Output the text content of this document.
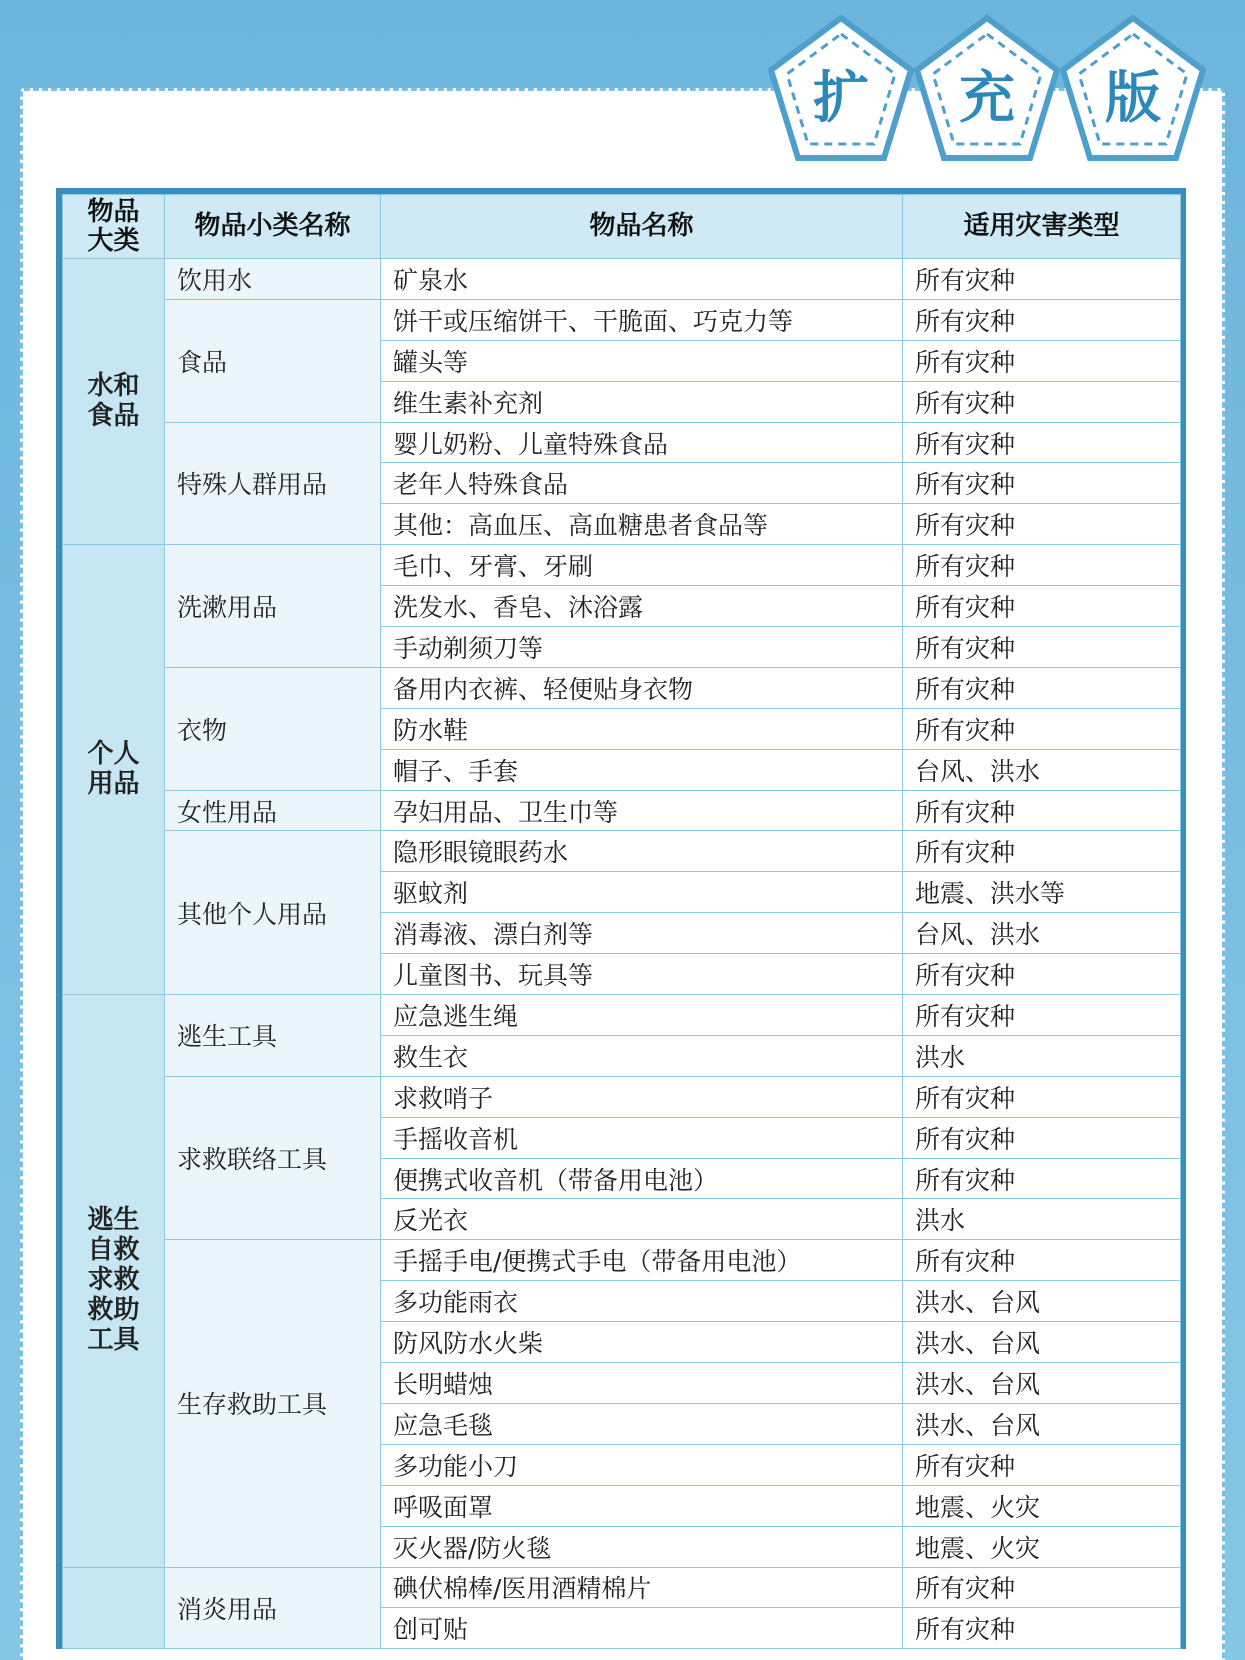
扩	充	版
物品
大类	物品小类名称	物品名称	适用灾害类型

水和
食品	饮用水	矿泉水	所有灾种
	食品	饼干或压缩饼干、干脆面、巧克力等	所有灾种
		罐头等	所有灾种
		维生素补充剂	所有灾种
	特殊人群用品	婴儿奶粉、儿童特殊食品	所有灾种
		老年人特殊食品	所有灾种
		其他：高血压、高血糖患者食品等	所有灾种

个人
用品	洗漱用品	毛巾、牙膏、牙刷	所有灾种
		洗发水、香皂、沐浴露	所有灾种
		手动剃须刀等	所有灾种
	衣物	备用内衣裤、轻便贴身衣物	所有灾种
		防水鞋	所有灾种
		帽子、手套	台风、洪水
	女性用品	孕妇用品、卫生巾等	所有灾种
	其他个人用品	隐形眼镜眼药水	所有灾种
		驱蚊剂	地震、洪水等
		消毒液、漂白剂等	台风、洪水
		儿童图书、玩具等	所有灾种

逃生
自救
求救
救助
工具	逃生工具	应急逃生绳	所有灾种
		救生衣	洪水
	求救联络工具	求救哨子	所有灾种
		手摇收音机	所有灾种
		便携式收音机（带备用电池）	所有灾种
		反光衣	洪水
	生存救助工具	手摇手电/便携式手电（带备用电池）	所有灾种
		多功能雨衣	洪水、台风
		防风防水火柴	洪水、台风
		长明蜡烛	洪水、台风
		应急毛毯	洪水、台风
		多功能小刀	所有灾种
		呼吸面罩	地震、火灾
		灭火器/防火毯	地震、火灾
	消炎用品	碘伏棉棒/医用酒精棉片	所有灾种
		创可贴	所有灾种
